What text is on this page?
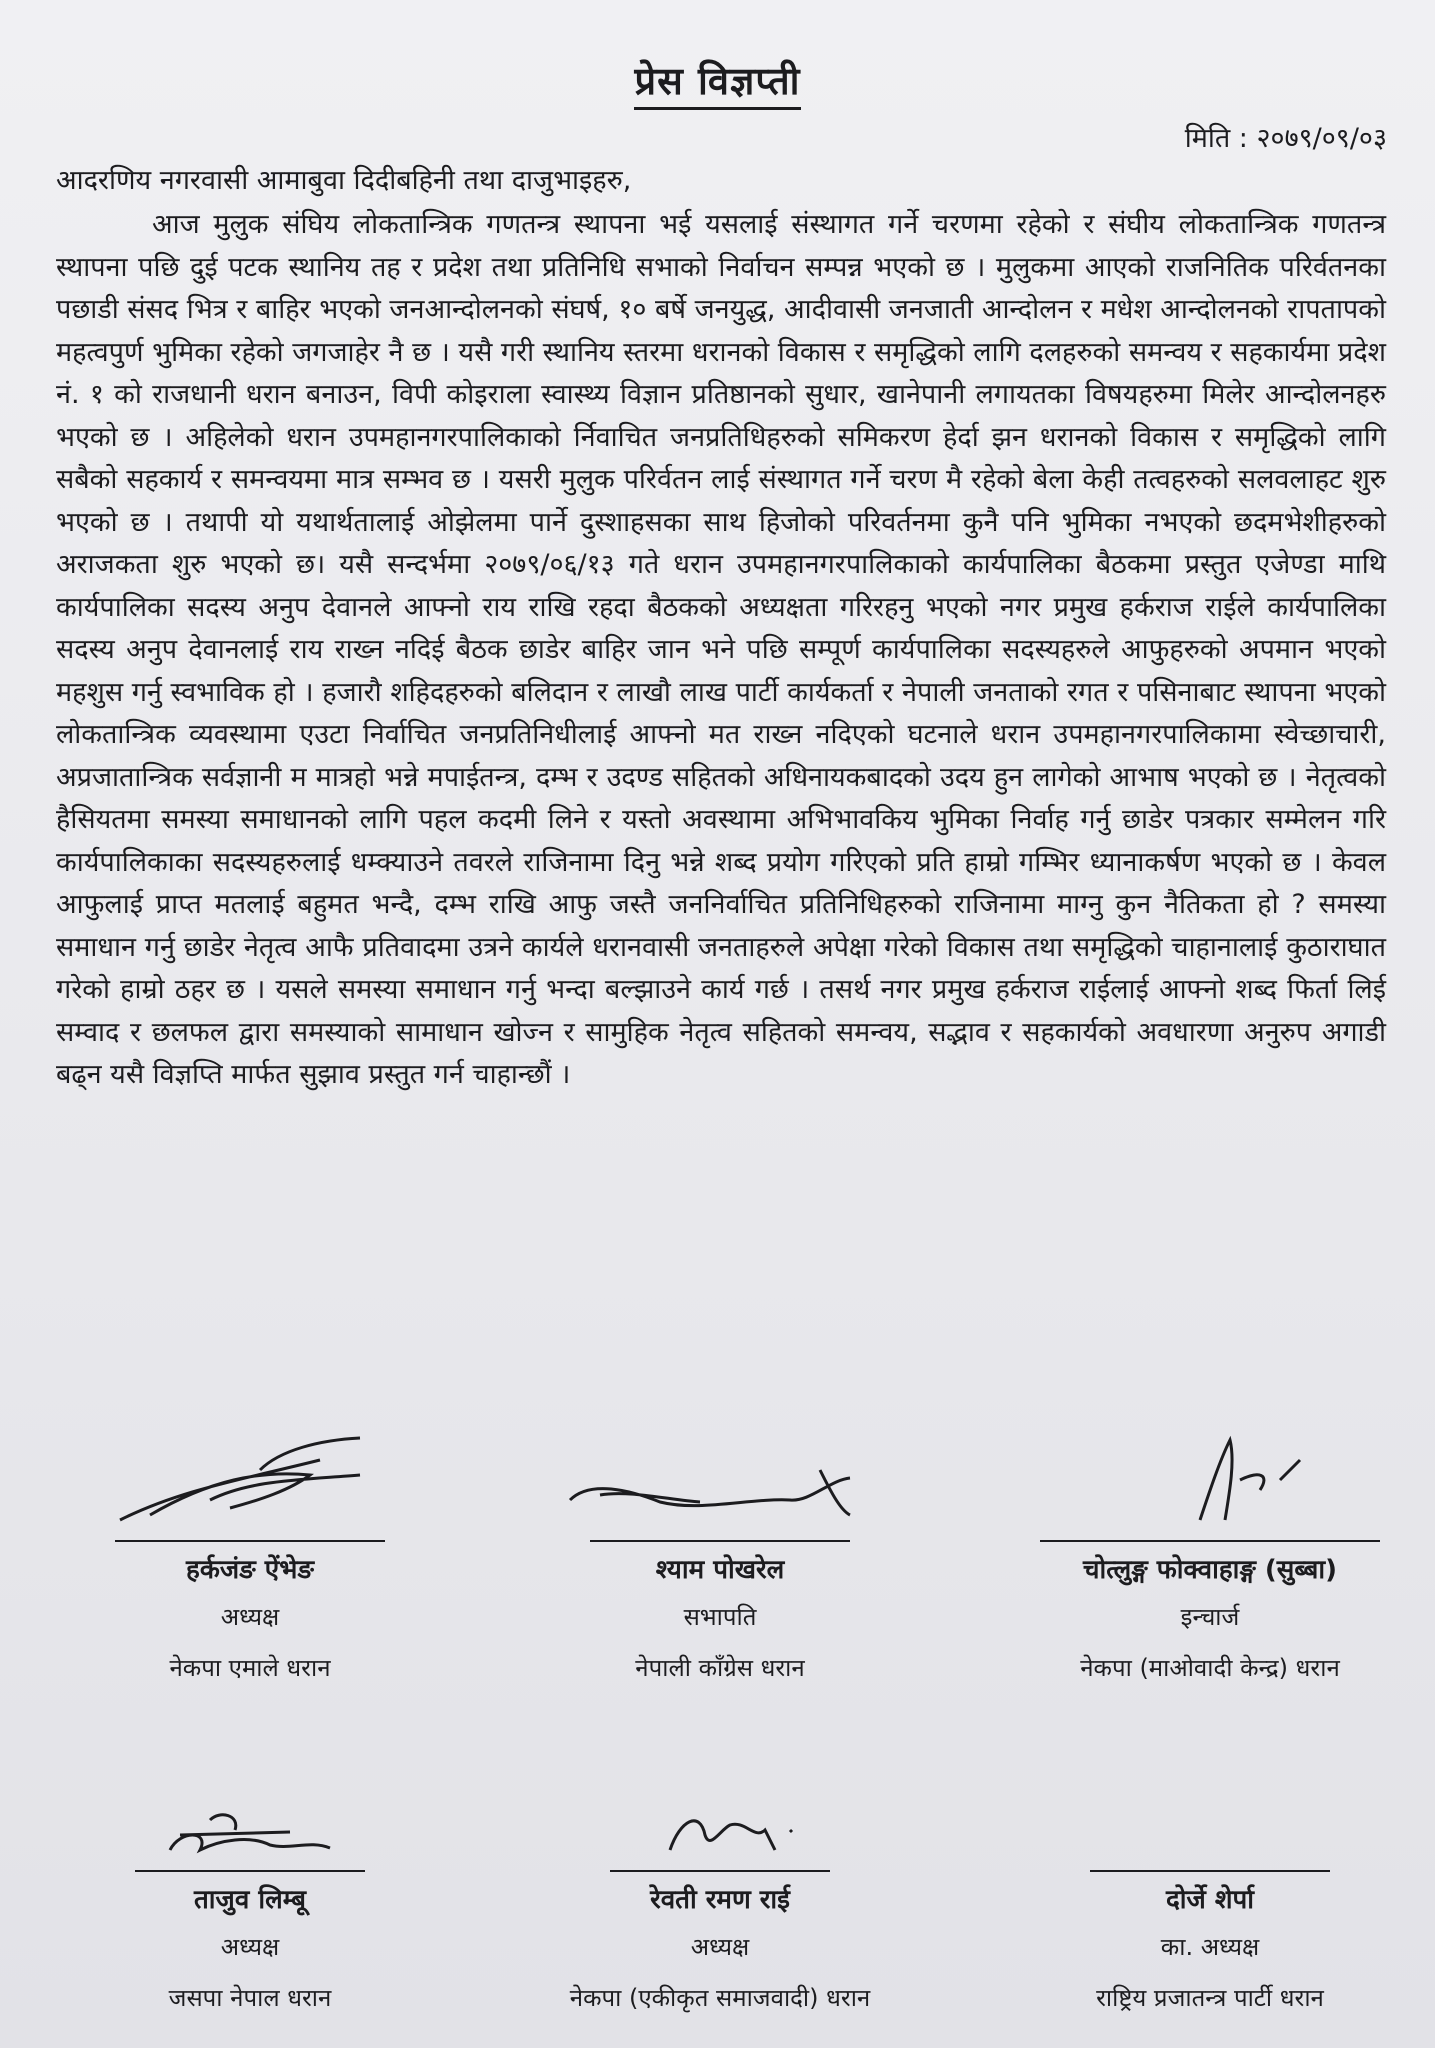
प्रेस विज्ञप्ती
मिति : २०७९/०९/०३
आदरणिय नगरवासी आमाबुवा दिदीबहिनी तथा दाजुभाइहरु,

आज मुलुक संघिय लोकतान्त्रिक गणतन्त्र स्थापना भई यसलाई संस्थागत गर्ने चरणमा रहेको र संघीय लोकतान्त्रिक गणतन्त्र स्थापना पछि दुई पटक स्थानिय तह र प्रदेश तथा प्रतिनिधि सभाको निर्वाचन सम्पन्न भएको छ । मुलुकमा आएको राजनितिक परिर्वतनका पछाडी संसद भित्र र बाहिर भएको जनआन्दोलनको संघर्ष, १० बर्षे जनयुद्ध, आदीवासी जनजाती आन्दोलन र मधेश आन्दोलनको रापतापको महत्वपुर्ण भुमिका रहेको जगजाहेर नै छ । यसै गरी स्थानिय स्तरमा धरानको विकास र समृद्धिको लागि दलहरुको समन्वय र सहकार्यमा प्रदेश नं. १ को राजधानी धरान बनाउन, विपी कोइराला स्वास्थ्य विज्ञान प्रतिष्ठानको सुधार, खानेपानी लगायतका विषयहरुमा मिलेर आन्दोलनहरु भएको छ । अहिलेको धरान उपमहानगरपालिकाको र्निवाचित जनप्रतिधिहरुको समिकरण हेर्दा झन धरानको विकास र समृद्धिको लागि सबैको सहकार्य र समन्वयमा मात्र सम्भव छ । यसरी मुलुक परिर्वतन लाई संस्थागत गर्ने चरण मै रहेको बेला केही तत्वहरुको सलवलाहट शुरु भएको छ । तथापी यो यथार्थतालाई ओझेलमा पार्ने दुस्शाहसका साथ हिजोको परिवर्तनमा कुनै पनि भुमिका नभएको छदमभेशीहरुको अराजकता शुरु भएको छ। यसै सन्दर्भमा २०७९/०६/१३ गते धरान उपमहानगरपालिकाको कार्यपालिका बैठकमा प्रस्तुत एजेण्डा माथि कार्यपालिका सदस्य अनुप देवानले आफ्नो राय राखि रहदा बैठकको अध्यक्षता गरिरहनु भएको नगर प्रमुख हर्कराज राईले कार्यपालिका सदस्य अनुप देवानलाई राय राख्न नदिई बैठक छाडेर बाहिर जान भने पछि सम्पूर्ण कार्यपालिका सदस्यहरुले आफुहरुको अपमान भएको महशुस गर्नु स्वभाविक हो । हजारौ शहिदहरुको बलिदान र लाखौ लाख पार्टी कार्यकर्ता र नेपाली जनताको रगत र पसिनाबाट स्थापना भएको लोकतान्त्रिक व्यवस्थामा एउटा निर्वाचित जनप्रतिनिधीलाई आफ्नो मत राख्न नदिएको घटनाले धरान उपमहानगरपालिकामा स्वेच्छाचारी, अप्रजातान्त्रिक सर्वज्ञानी म मात्रहो भन्ने मपाईतन्त्र, दम्भ र उदण्ड सहितको अधिनायकबादको उदय हुन लागेको आभाष भएको छ । नेतृत्वको हैसियतमा समस्या समाधानको लागि पहल कदमी लिने र यस्तो अवस्थामा अभिभावकिय भुमिका निर्वाह गर्नु छाडेर पत्रकार सम्मेलन गरि कार्यपालिकाका सदस्यहरुलाई धम्क्याउने तवरले राजिनामा दिनु भन्ने शब्द प्रयोग गरिएको प्रति हाम्रो गम्भिर ध्यानाकर्षण भएको छ । केवल आफुलाई प्राप्त मतलाई बहुमत भन्दै, दम्भ राखि आफु जस्तै जननिर्वाचित प्रतिनिधिहरुको राजिनामा माग्नु कुन नैतिकता हो ? समस्या समाधान गर्नु छाडेर नेतृत्व आफै प्रतिवादमा उत्रने कार्यले धरानवासी जनताहरुले अपेक्षा गरेको विकास तथा समृद्धिको चाहानालाई कुठाराघात गरेको हाम्रो ठहर छ । यसले समस्या समाधान गर्नु भन्दा बल्झाउने कार्य गर्छ । तसर्थ नगर प्रमुख हर्कराज राईलाई आफ्नो शब्द फिर्ता लिई सम्वाद र छलफल द्वारा समस्याको सामाधान खोज्न र सामुहिक नेतृत्व सहितको समन्वय, सद्भाव र सहकार्यको अवधारणा अनुरुप अगाडी बढ्न यसै विज्ञप्ति मार्फत सुझाव प्रस्तुत गर्न चाहान्छौं ।

हर्कजंङ ऐंभेङ
अध्यक्ष
नेकपा एमाले धरान
श्याम पोखरेल
सभापति
नेपाली काँग्रेस धरान
चोत्लुङ्ग फोक्वाहाङ्ग (सुब्बा)
इन्चार्ज
नेकपा (माओवादी केन्द्र) धरान
ताजुव लिम्बू
अध्यक्ष
जसपा नेपाल धरान
रेवती रमण राई
अध्यक्ष
नेकपा (एकीकृत समाजवादी) धरान
दोर्जे शेर्पा
का. अध्यक्ष
राष्ट्रिय प्रजातन्त्र पार्टी धरान
